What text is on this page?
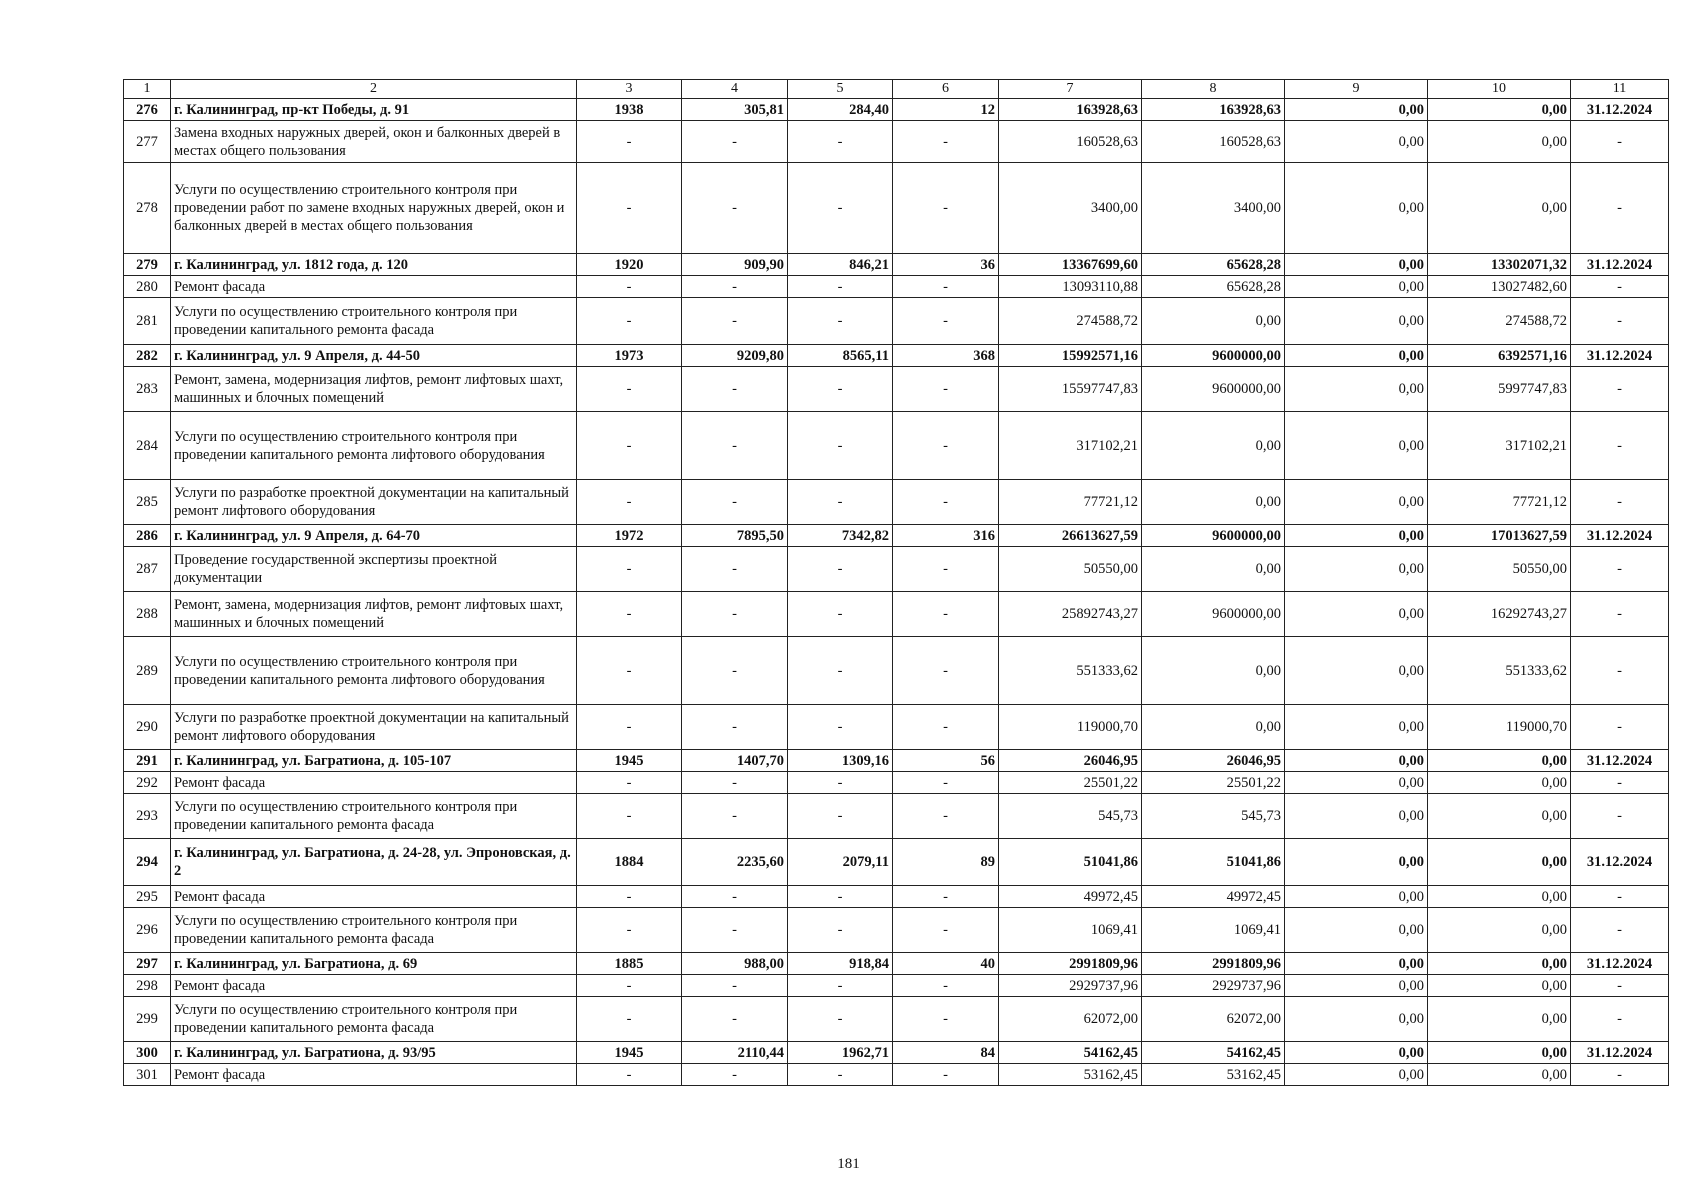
1	2	3	4	5	6	7	8	9	10	11
276	г. Калининград, пр-кт Победы, д. 91	1938	305,81	284,40	12	163928,63	163928,63	0,00	0,00	31.12.2024
277	Замена входных наружных дверей, окон и балконных дверей в местах общего пользования	-	-	-	-	160528,63	160528,63	0,00	0,00	-
278	Услуги по осуществлению строительного контроля при проведении работ по замене входных наружных дверей, окон и балконных дверей в местах общего пользования	-	-	-	-	3400,00	3400,00	0,00	0,00	-
279	г. Калининград, ул. 1812 года, д. 120	1920	909,90	846,21	36	13367699,60	65628,28	0,00	13302071,32	31.12.2024
280	Ремонт фасада	-	-	-	-	13093110,88	65628,28	0,00	13027482,60	-
281	Услуги по осуществлению строительного контроля при проведении капитального ремонта фасада	-	-	-	-	274588,72	0,00	0,00	274588,72	-
282	г. Калининград, ул. 9 Апреля, д. 44-50	1973	9209,80	8565,11	368	15992571,16	9600000,00	0,00	6392571,16	31.12.2024
283	Ремонт, замена, модернизация лифтов, ремонт лифтовых шахт, машинных и блочных помещений	-	-	-	-	15597747,83	9600000,00	0,00	5997747,83	-
284	Услуги по осуществлению строительного контроля при проведении капитального ремонта лифтового оборудования	-	-	-	-	317102,21	0,00	0,00	317102,21	-
285	Услуги по разработке проектной документации на капитальный ремонт лифтового оборудования	-	-	-	-	77721,12	0,00	0,00	77721,12	-
286	г. Калининград, ул. 9 Апреля, д. 64-70	1972	7895,50	7342,82	316	26613627,59	9600000,00	0,00	17013627,59	31.12.2024
287	Проведение государственной экспертизы проектной документации	-	-	-	-	50550,00	0,00	0,00	50550,00	-
288	Ремонт, замена, модернизация лифтов, ремонт лифтовых шахт, машинных и блочных помещений	-	-	-	-	25892743,27	9600000,00	0,00	16292743,27	-
289	Услуги по осуществлению строительного контроля при проведении капитального ремонта лифтового оборудования	-	-	-	-	551333,62	0,00	0,00	551333,62	-
290	Услуги по разработке проектной документации на капитальный ремонт лифтового оборудования	-	-	-	-	119000,70	0,00	0,00	119000,70	-
291	г. Калининград, ул. Багратиона, д. 105-107	1945	1407,70	1309,16	56	26046,95	26046,95	0,00	0,00	31.12.2024
292	Ремонт фасада	-	-	-	-	25501,22	25501,22	0,00	0,00	-
293	Услуги по осуществлению строительного контроля при проведении капитального ремонта фасада	-	-	-	-	545,73	545,73	0,00	0,00	-
294	г. Калининград, ул. Багратиона, д. 24-28, ул. Эпроновская, д. 2	1884	2235,60	2079,11	89	51041,86	51041,86	0,00	0,00	31.12.2024
295	Ремонт фасада	-	-	-	-	49972,45	49972,45	0,00	0,00	-
296	Услуги по осуществлению строительного контроля при проведении капитального ремонта фасада	-	-	-	-	1069,41	1069,41	0,00	0,00	-
297	г. Калининград, ул. Багратиона, д. 69	1885	988,00	918,84	40	2991809,96	2991809,96	0,00	0,00	31.12.2024
298	Ремонт фасада	-	-	-	-	2929737,96	2929737,96	0,00	0,00	-
299	Услуги по осуществлению строительного контроля при проведении капитального ремонта фасада	-	-	-	-	62072,00	62072,00	0,00	0,00	-
300	г. Калининград, ул. Багратиона, д. 93/95	1945	2110,44	1962,71	84	54162,45	54162,45	0,00	0,00	31.12.2024
301	Ремонт фасада	-	-	-	-	53162,45	53162,45	0,00	0,00	-
181
